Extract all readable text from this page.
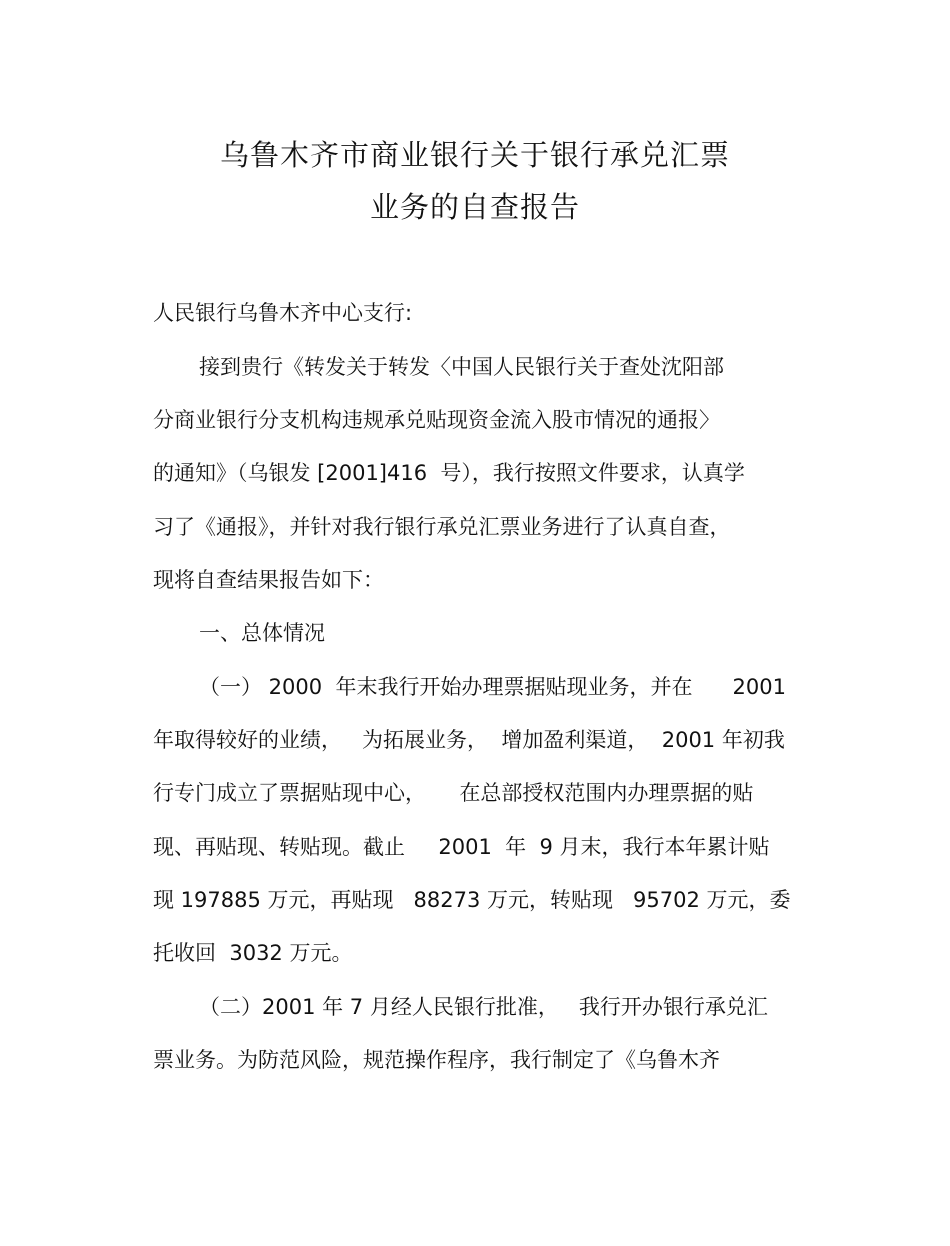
乌鲁木齐市商业银行关于银行承兑汇票
业务的自查报告
人民银行乌鲁木齐中心支行:
接到贵行《转发关于转发〈中国人民银行关于查处沈阳部
分商业银行分支机构违规承兑贴现资金流入股市情况的通报〉
的通知》（乌银发 [2001]416  号），我行按照文件要求，认真学
习了《通报》，并针对我行银行承兑汇票业务进行了认真自查，
现将自查结果报告如下：
一、总体情况
（一） 2000  年末我行开始办理票据贴现业务，并在      2001
年取得较好的业绩，   为拓展业务，  增加盈利渠道，  2001 年初我
行专门成立了票据贴现中心，     在总部授权范围内办理票据的贴
现、再贴现、转贴现。截止     2001  年  9 月末，我行本年累计贴
现 197885 万元，再贴现   88273 万元，转贴现   95702 万元，委
托收回  3032 万元。
（二）2001 年 7 月经人民银行批准，   我行开办银行承兑汇
票业务。为防范风险，规范操作程序，我行制定了《乌鲁木齐
